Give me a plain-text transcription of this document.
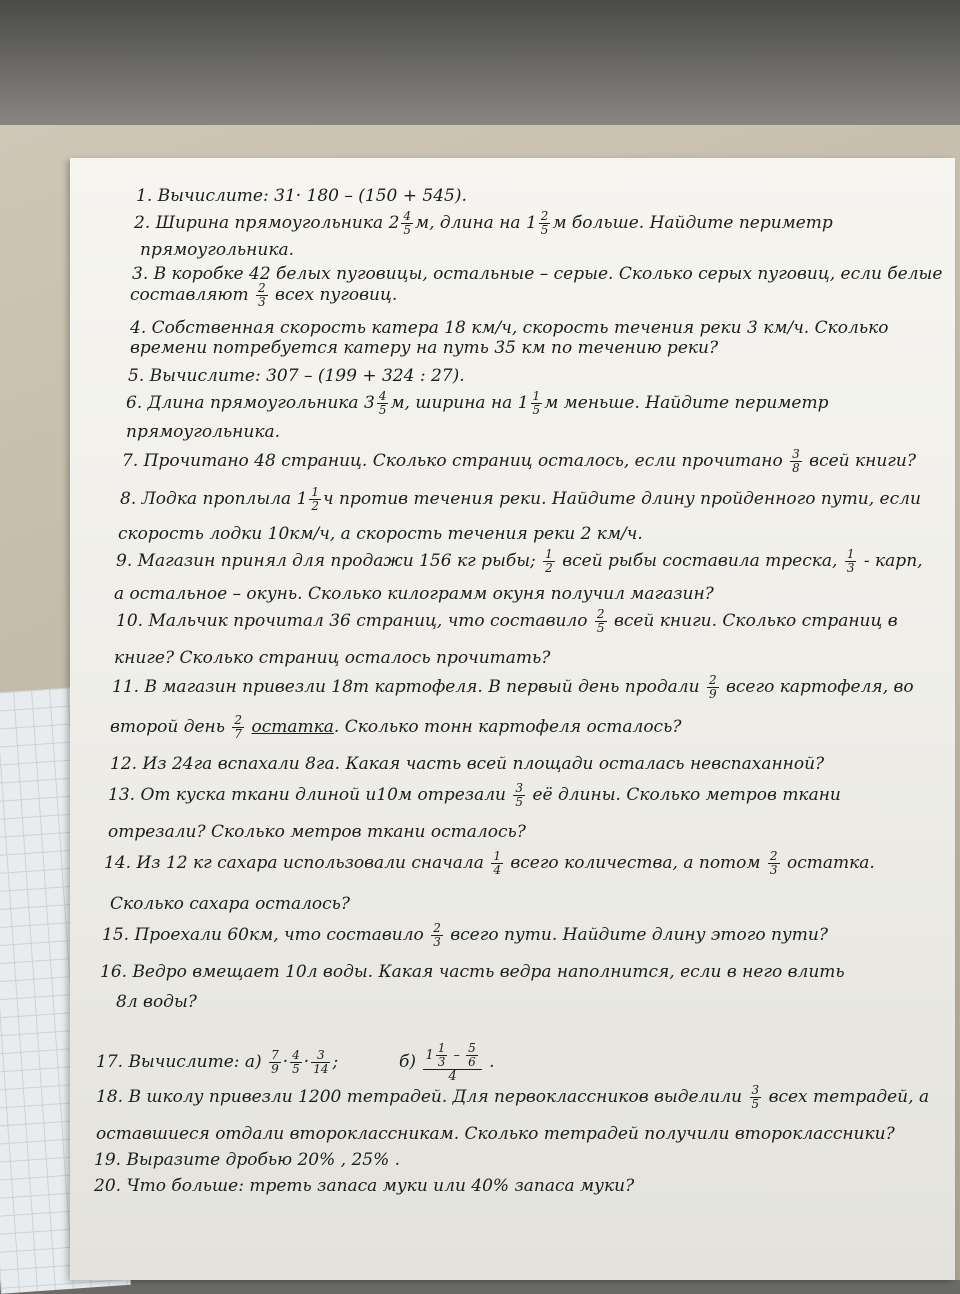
1. Вычислите: 31· 180 – (150 + 545).
2. Ширина прямоугольника $2 \frac{4}{5} м$, длина на $1 \frac{2}{5}$ м больше. Найдите периметр
прямоугольника.
3. В коробке 42 белых пуговицы, остальные – серые. Сколько серых пуговиц, если белые
составляют $\frac{2}{3}$ всех пуговиц.
4. Собственная скорость катера 18 км/ч, скорость течения реки 3 км/ч. Сколько
времени потребуется катеру на путь 35 км по течению реки?
5. Вычислите: 307 – (199 + 324 : 27).
6. Длина прямоугольника $3 \frac{4}{5} м$, ширина на $1 \frac{1}{5}$ м меньше. Найдите периметр
прямоугольника.
7. Прочитано 48 страниц. Сколько страниц осталось, если прочитано $\frac{3}{8}$ всей книги?
8. Лодка проплыла $1 \frac{1}{2}$ ч против течения реки. Найдите длину пройденного пути, если
скорость лодки 10км/ч, а скорость течения реки 2 км/ч.
9. Магазин принял для продажи 156 кг рыбы; $\frac{1}{2}$ всей рыбы составила треска, $\frac{1}{3}$ - карп,
а остальное – окунь. Сколько килограмм окуня получил магазин?
10. Мальчик прочитал 36 страниц, что составило $\frac{2}{5}$ всей книги. Сколько страниц в
книге? Сколько страниц осталось прочитать?
11. В магазин привезли 18т картофеля. В первый день продали $\frac{2}{9}$ всего картофеля, во
второй день $\frac{2}{7}$ остатка. Сколько тонн картофеля осталось?
12. Из 24га вспахали 8га. Какая часть всей площади осталась невспаханной?
13. От куска ткани длиной и10м отрезали $\frac{3}{5}$ её длины. Сколько метров ткани
отрезали? Сколько метров ткани осталось?
14. Из 12 кг сахара использовали сначала $\frac{1}{4}$ всего количества, а потом $\frac{2}{3}$ остатка.
Сколько сахара осталось?
15. Проехали 60км, что составило $\frac{2}{3}$ всего пути. Найдите длину этого пути?
16. Ведро вмещает 10л воды. Какая часть ведра наполнится, если в него влить
8л воды?
17. Вычислите: $а) \frac{7}{9} \cdot \frac{4}{5} \cdot \frac{3}{14}$ ;	$б) \frac{1 \frac{1}{3} - \frac{5}{6}}{4}$ .
18. В школу привезли 1200 тетрадей. Для первоклассников выделили $\frac{3}{5}$ всех тетрадей, а
оставшиеся отдали второклассникам. Сколько тетрадей получили второклассники?
19. Выразите дробью 20% , 25% .
20. Что больше: треть запаса муки или 40% запаса муки?
